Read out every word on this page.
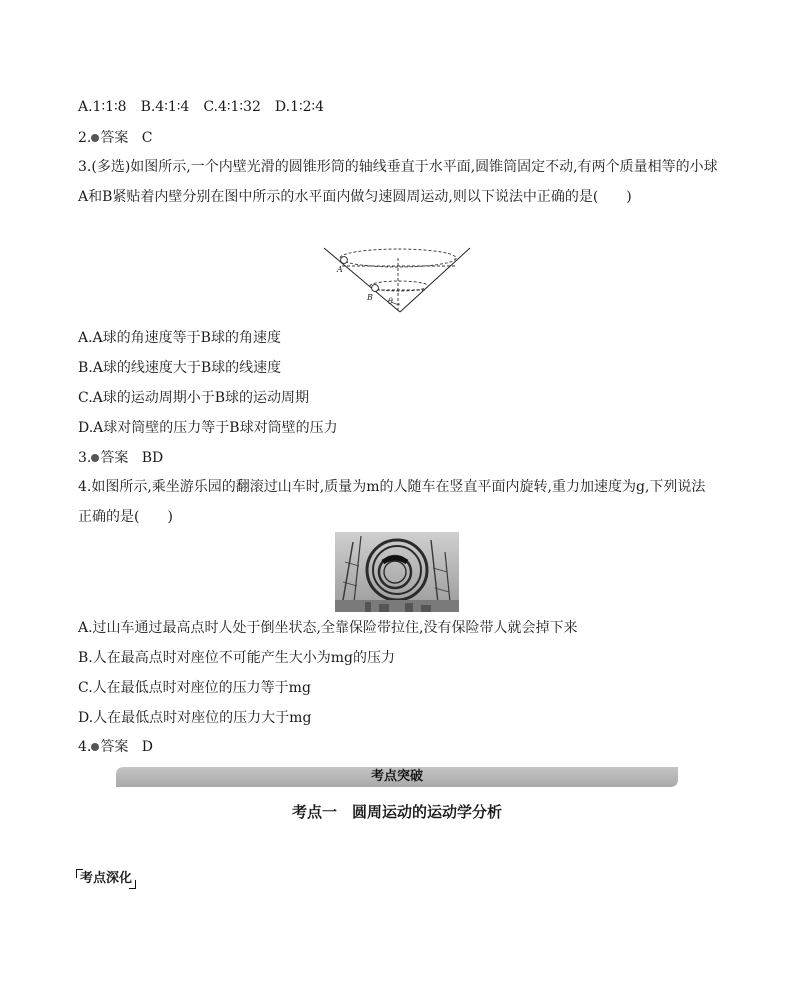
A.1∶1∶8　B.4∶1∶4　C.4∶1∶32　D.1∶2∶4
2. 答案 C
3.(多选)如图所示,一个内壁光滑的圆锥形筒的轴线垂直于水平面,圆锥筒固定不动,有两个质量相等的小球A和B紧贴着内壁分别在图中所示的水平面内做匀速圆周运动,则以下说法中正确的是(　　)
A
B θ
A.A球的角速度等于B球的角速度
B.A球的线速度大于B球的线速度
C.A球的运动周期小于B球的运动周期
D.A球对筒壁的压力等于B球对筒壁的压力
3. 答案 BD
4.如图所示,乘坐游乐园的翻滚过山车时,质量为m的人随车在竖直平面内旋转,重力加速度为g,下列说法正确的是(　　)
A.过山车通过最高点时人处于倒坐状态,全靠保险带拉住,没有保险带人就会掉下来
B.人在最高点时对座位不可能产生大小为mg的压力
C.人在最低点时对座位的压力等于mg
D.人在最低点时对座位的压力大于mg
4. 答案 D
考点突破
考点一　圆周运动的运动学分析
考点深化
